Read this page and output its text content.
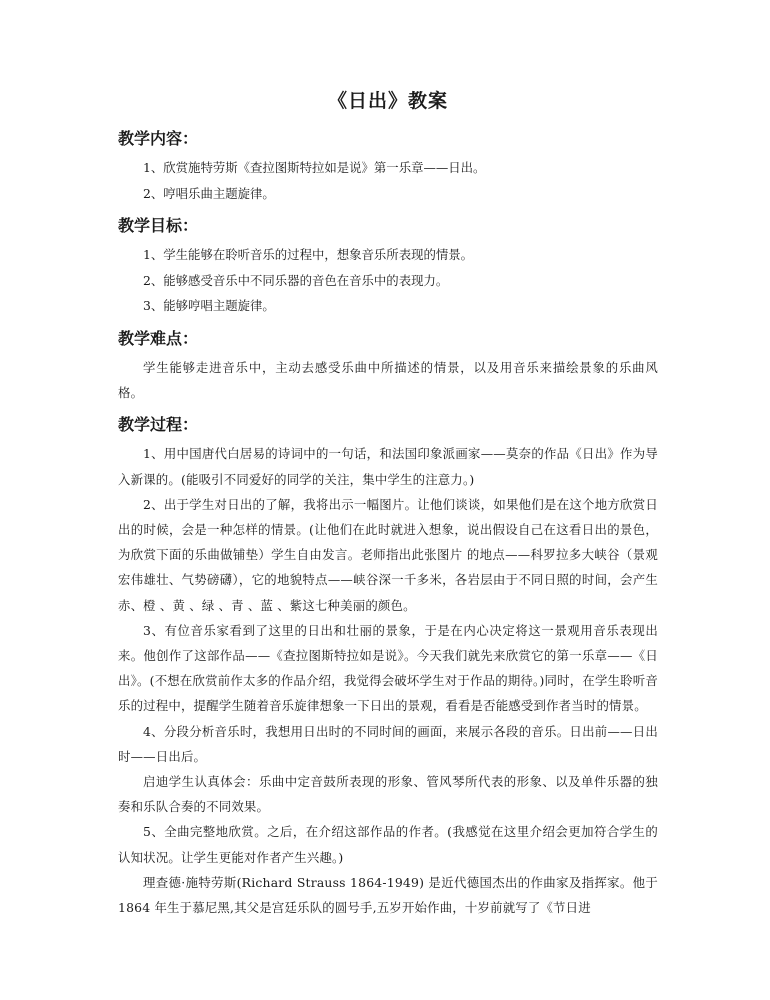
《日出》教案
教学内容：

1、欣赏施特劳斯《查拉图斯特拉如是说》第一乐章——日出。

2、哼唱乐曲主题旋律。

教学目标：

1、学生能够在聆听音乐的过程中，想象音乐所表现的情景。

2、能够感受音乐中不同乐器的音色在音乐中的表现力。

3、能够哼唱主题旋律。

教学难点：

学生能够走进音乐中，主动去感受乐曲中所描述的情景，以及用音乐来描绘景象的乐曲风格。

教学过程：

1、用中国唐代白居易的诗词中的一句话，和法国印象派画家——莫奈的作品《日出》作为导入新课的。(能吸引不同爱好的同学的关注，集中学生的注意力。)

2、出于学生对日出的了解，我将出示一幅图片。让他们谈谈，如果他们是在这个地方欣赏日出的时候，会是一种怎样的情景。(让他们在此时就进入想象，说出假设自己在这看日出的景色，为欣赏下面的乐曲做铺垫）学生自由发言。老师指出此张图片 的地点——科罗拉多大峡谷（景观宏伟雄壮、气势磅礴），它的地貌特点——峡谷深一千多米，各岩层由于不同日照的时间，会产生赤、橙 、黄 、绿 、青 、蓝 、紫这七种美丽的颜色。

3、有位音乐家看到了这里的日出和壮丽的景象，于是在内心决定将这一景观用音乐表现出来。他创作了这部作品——《查拉图斯特拉如是说》。今天我们就先来欣赏它的第一乐章——《日出》。(不想在欣赏前作太多的作品介绍，我觉得会破坏学生对于作品的期待。)同时，在学生聆听音乐的过程中，提醒学生随着音乐旋律想象一下日出的景观，看看是否能感受到作者当时的情景。

4、分段分析音乐时，我想用日出时的不同时间的画面，来展示各段的音乐。日出前——日出时——日出后。

启迪学生认真体会：乐曲中定音鼓所表现的形象、管风琴所代表的形象、以及单件乐器的独奏和乐队合奏的不同效果。

5、全曲完整地欣赏。之后，在介绍这部作品的作者。(我感觉在这里介绍会更加符合学生的认知状况。让学生更能对作者产生兴趣。)

理查德·施特劳斯(Richard Strauss 1864-1949) 是近代德国杰出的作曲家及指挥家。他于 1864 年生于慕尼黑,其父是宫廷乐队的圆号手,五岁开始作曲，十岁前就写了《节日进
